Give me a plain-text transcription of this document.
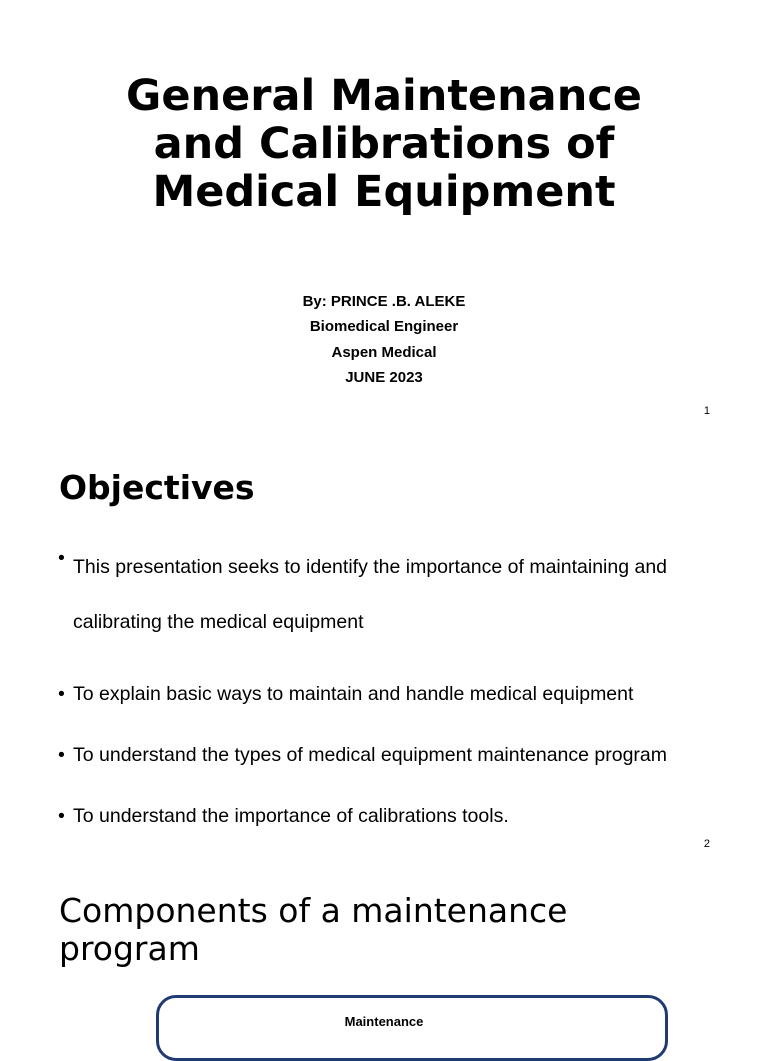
General Maintenance
and Calibrations of
Medical Equipment
By: PRINCE .B. ALEKE
Biomedical Engineer
Aspen Medical
JUNE 2023
1
Objectives
• This presentation seeks to identify the importance of maintaining and calibrating the medical equipment
• To explain basic ways to maintain and handle medical equipment
• To understand the types of medical equipment maintenance program
• To understand the importance of calibrations tools.
2
Components of a maintenance
program
Maintenance
